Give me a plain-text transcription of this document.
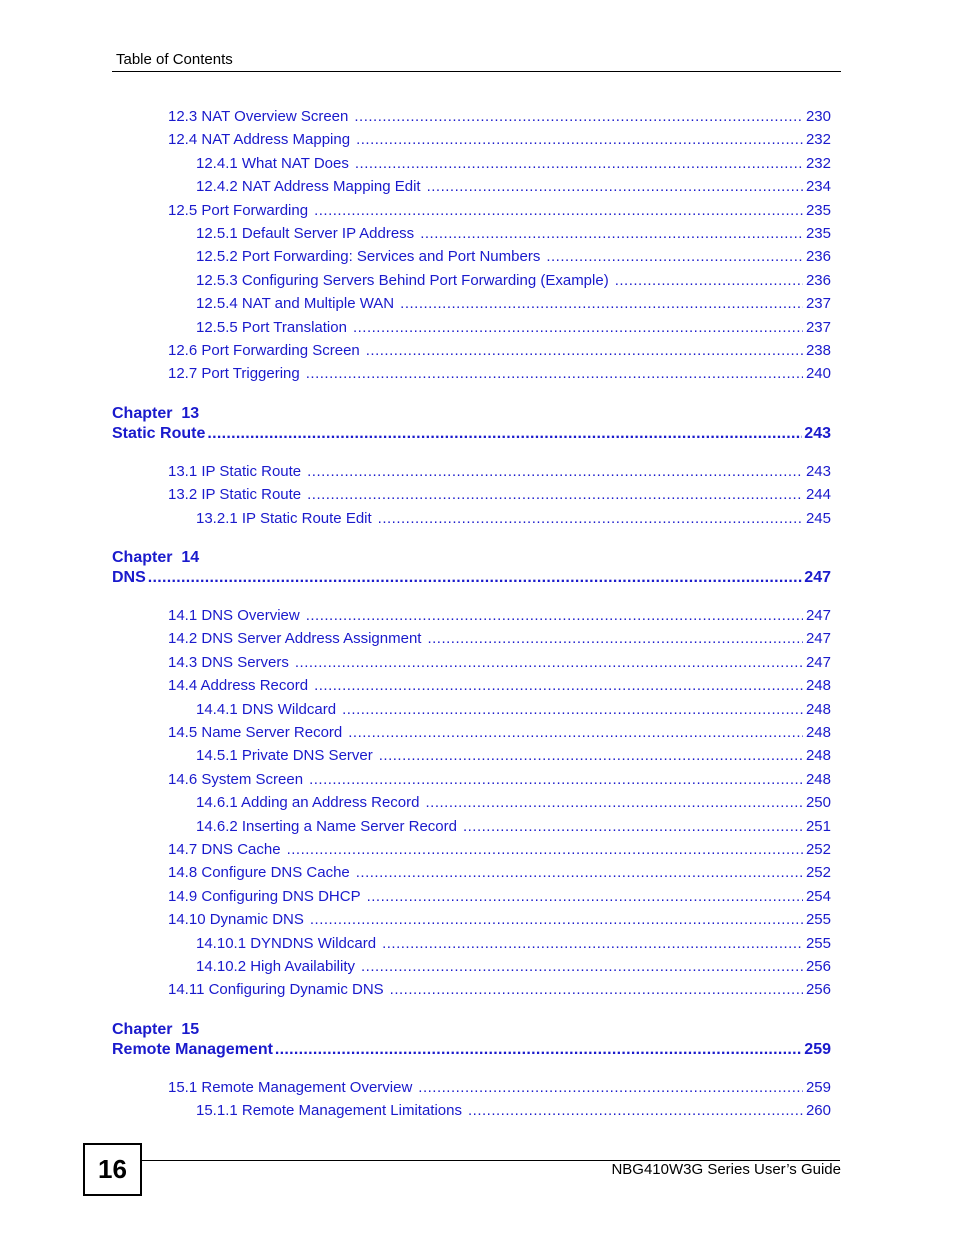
Table of Contents
12.3 NAT Overview Screen .....	230
12.4 NAT Address Mapping .....	232
12.4.1 What NAT Does .....	232
12.4.2 NAT Address Mapping Edit .....	234
12.5 Port Forwarding .....	235
12.5.1 Default Server IP Address .....	235
12.5.2 Port Forwarding: Services and Port Numbers .....	236
12.5.3 Configuring Servers Behind Port Forwarding (Example) .....	236
12.5.4 NAT and Multiple WAN .....	237
12.5.5 Port Translation .....	237
12.6 Port Forwarding Screen .....	238
12.7 Port Triggering .....	240
Chapter  13
Static Route .....	243
13.1 IP Static Route .....	243
13.2 IP Static Route .....	244
13.2.1 IP Static Route Edit .....	245
Chapter  14
DNS .....	247
14.1 DNS Overview .....	247
14.2 DNS Server Address Assignment .....	247
14.3 DNS Servers .....	247
14.4 Address Record .....	248
14.4.1 DNS Wildcard .....	248
14.5 Name Server Record .....	248
14.5.1 Private DNS Server .....	248
14.6 System Screen .....	248
14.6.1 Adding an Address Record .....	250
14.6.2 Inserting a Name Server Record .....	251
14.7 DNS Cache .....	252
14.8 Configure DNS Cache .....	252
14.9 Configuring DNS DHCP .....	254
14.10 Dynamic DNS .....	255
14.10.1 DYNDNS Wildcard .....	255
14.10.2 High Availability .....	256
14.11 Configuring Dynamic DNS .....	256
Chapter  15
Remote Management .....	259
15.1 Remote Management Overview .....	259
15.1.1 Remote Management Limitations .....	260
16	NBG410W3G Series User’s Guide
